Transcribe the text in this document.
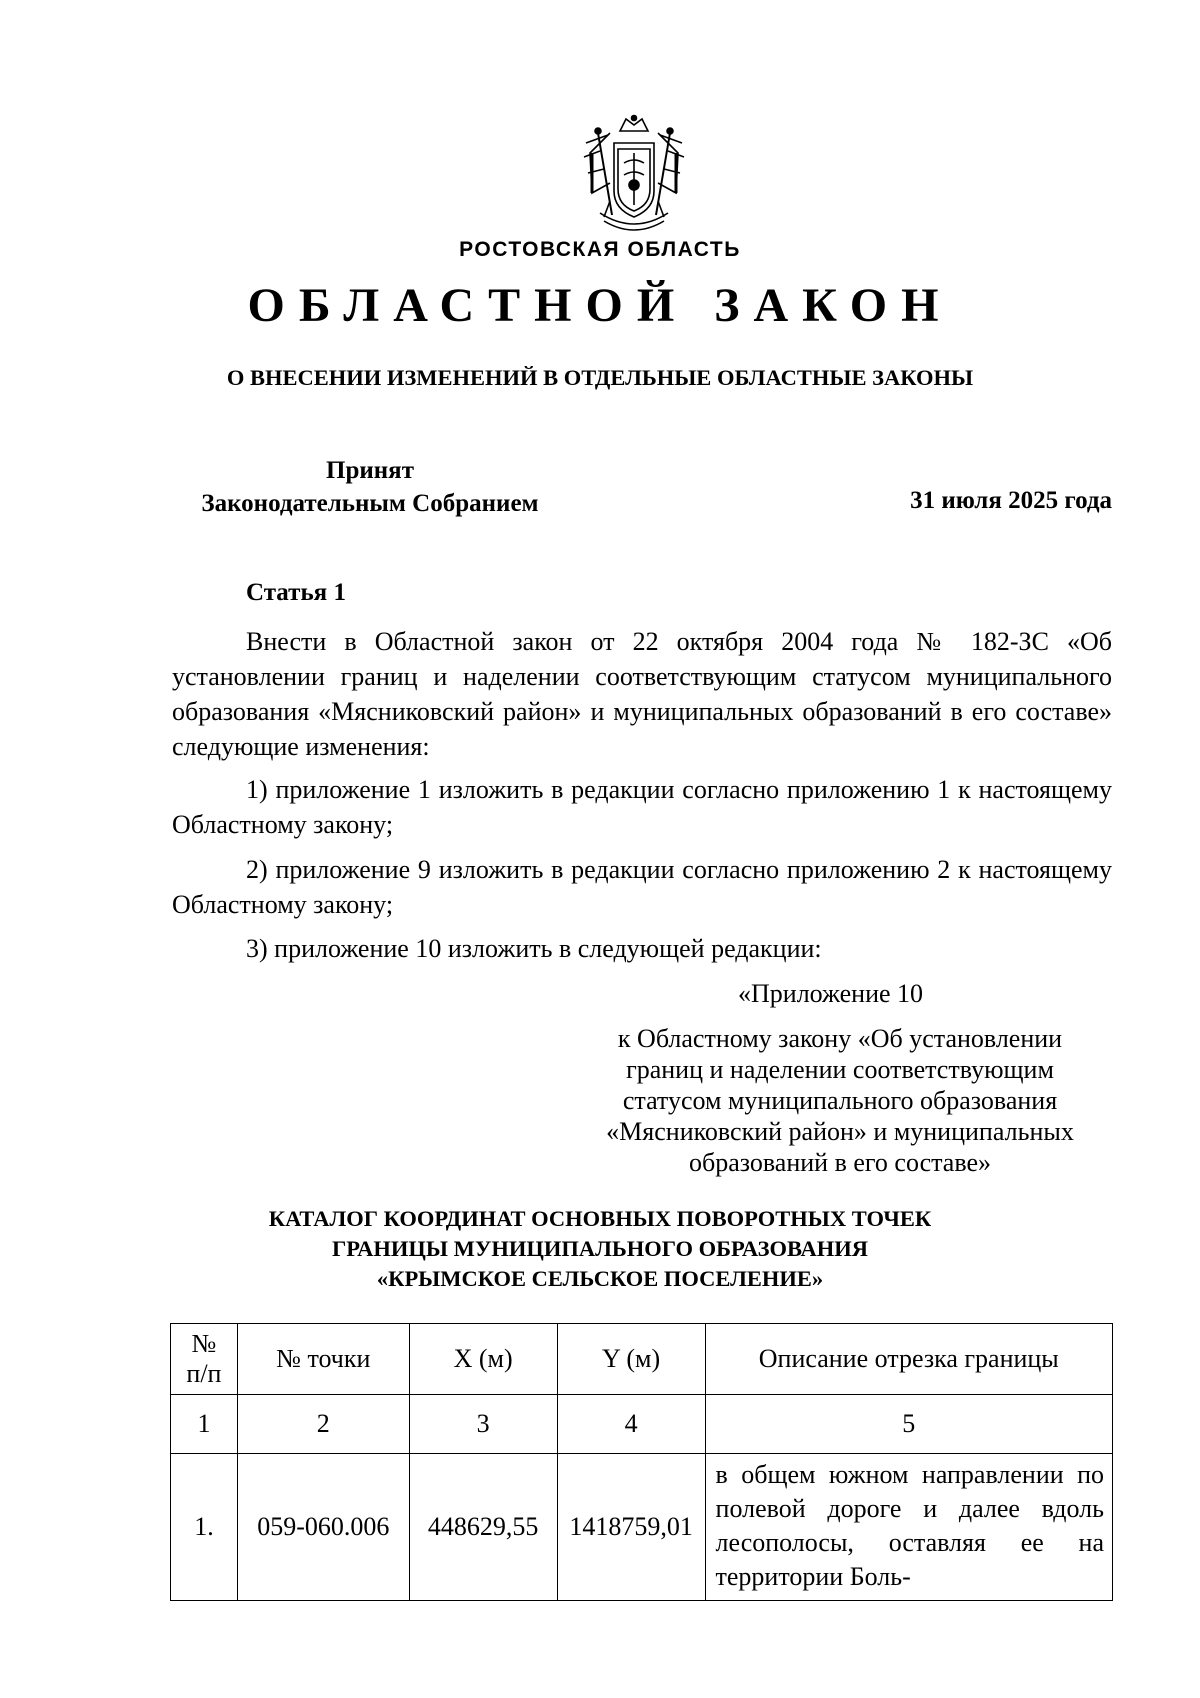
РОСТОВСКАЯ ОБЛАСТЬ
ОБЛАСТНОЙ ЗАКОН
О ВНЕСЕНИИ ИЗМЕНЕНИЙ В ОТДЕЛЬНЫЕ ОБЛАСТНЫЕ ЗАКОНЫ
Принят
Законодательным Собранием	31 июля 2025 года
Статья 1

Внести в Областной закон от 22 октября 2004 года № 182-ЗС «Об установлении границ и наделении соответствующим статусом муниципального образования «Мясниковский район» и муниципальных образований в его составе» следующие изменения:

1) приложение 1 изложить в редакции согласно приложению 1 к настоящему Областному закону;

2) приложение 9 изложить в редакции согласно приложению 2 к настоящему Областному закону;

3) приложение 10 изложить в следующей редакции:

«Приложение 10
к Областному закону «Об установлении
границ и наделении соответствующим
статусом муниципального образования
«Мясниковский район» и муниципальных
образований в его составе»
КАТАЛОГ КООРДИНАТ ОСНОВНЫХ ПОВОРОТНЫХ ТОЧЕК
ГРАНИЦЫ МУНИЦИПАЛЬНОГО ОБРАЗОВАНИЯ
«КРЫМСКОЕ СЕЛЬСКОЕ ПОСЕЛЕНИЕ»
№
п/п	№ точки	X (м)	Y (м)	Описание отрезка границы
1	2	3	4	5
1.	059-060.006	448629,55	1418759,01	в общем южном направлении по полевой дороге и далее вдоль лесополосы, оставляя ее на территории Боль-
